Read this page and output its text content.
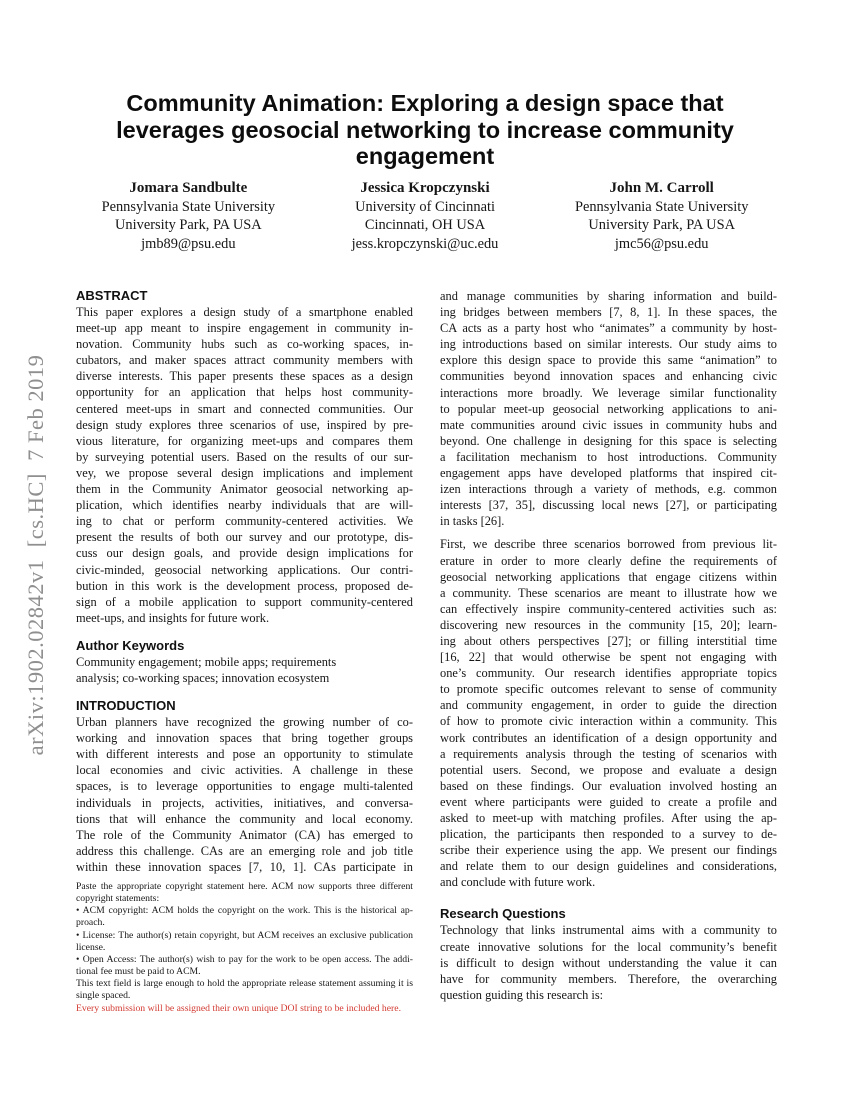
arXiv:1902.02842v1  [cs.HC]  7 Feb 2019
Community Animation: Exploring a design space that
leverages geosocial networking to increase community
engagement
Jomara Sandbulte
Pennsylvania State University
University Park, PA USA
jmb89@psu.edu
Jessica Kropczynski
University of Cincinnati
Cincinnati, OH USA
jess.kropczynski@uc.edu
John M. Carroll
Pennsylvania State University
University Park, PA USA
jmc56@psu.edu
ABSTRACT
This paper explores a design study of a smartphone enabled
meet-up app meant to inspire engagement in community in-
novation. Community hubs such as co-working spaces, in-
cubators, and maker spaces attract community members with
diverse interests. This paper presents these spaces as a design
opportunity for an application that helps host community-
centered meet-ups in smart and connected communities. Our
design study explores three scenarios of use, inspired by pre-
vious literature, for organizing meet-ups and compares them
by surveying potential users. Based on the results of our sur-
vey, we propose several design implications and implement
them in the Community Animator geosocial networking ap-
plication, which identifies nearby individuals that are will-
ing to chat or perform community-centered activities. We
present the results of both our survey and our prototype, dis-
cuss our design goals, and provide design implications for
civic-minded, geosocial networking applications. Our contri-
bution in this work is the development process, proposed de-
sign of a mobile application to support community-centered
meet-ups, and insights for future work.
Author Keywords
Community engagement; mobile apps; requirements
analysis; co-working spaces; innovation ecosystem
INTRODUCTION
Urban planners have recognized the growing number of co-
working and innovation spaces that bring together groups
with different interests and pose an opportunity to stimulate
local economies and civic activities. A challenge in these
spaces, is to leverage opportunities to engage multi-talented
individuals in projects, activities, initiatives, and conversa-
tions that will enhance the community and local economy.
The role of the Community Animator (CA) has emerged to
address this challenge. CAs are an emerging role and job title
within these innovation spaces [7, 10, 1]. CAs participate in
and manage communities by sharing information and build-
ing bridges between members [7, 8, 1]. In these spaces, the
CA acts as a party host who “animates” a community by host-
ing introductions based on similar interests. Our study aims to
explore this design space to provide this same “animation” to
communities beyond innovation spaces and enhancing civic
interactions more broadly. We leverage similar functionality
to popular meet-up geosocial networking applications to ani-
mate communities around civic issues in community hubs and
beyond. One challenge in designing for this space is selecting
a facilitation mechanism to host introductions. Community
engagement apps have developed platforms that inspired cit-
izen interactions through a variety of methods, e.g. common
interests [37, 35], discussing local news [27], or participating
in tasks [26].
First, we describe three scenarios borrowed from previous lit-
erature in order to more clearly define the requirements of
geosocial networking applications that engage citizens within
a community. These scenarios are meant to illustrate how we
can effectively inspire community-centered activities such as:
discovering new resources in the community [15, 20]; learn-
ing about others perspectives [27]; or filling interstitial time
[16, 22] that would otherwise be spent not engaging with
one’s community. Our research identifies appropriate topics
to promote specific outcomes relevant to sense of community
and community engagement, in order to guide the direction
of how to promote civic interaction within a community. This
work contributes an identification of a design opportunity and
a requirements analysis through the testing of scenarios with
potential users. Second, we propose and evaluate a design
based on these findings. Our evaluation involved hosting an
event where participants were guided to create a profile and
asked to meet-up with matching profiles. After using the ap-
plication, the participants then responded to a survey to de-
scribe their experience using the app. We present our findings
and relate them to our design guidelines and considerations,
and conclude with future work.
Research Questions
Technology that links instrumental aims with a community to
create innovative solutions for the local community’s benefit
is difficult to design without understanding the value it can
have for community members. Therefore, the overarching
question guiding this research is:
Paste the appropriate copyright statement here. ACM now supports three different
copyright statements:
• ACM copyright: ACM holds the copyright on the work. This is the historical ap-
proach.
• License: The author(s) retain copyright, but ACM receives an exclusive publication
license.
• Open Access: The author(s) wish to pay for the work to be open access. The addi-
tional fee must be paid to ACM.
This text field is large enough to hold the appropriate release statement assuming it is
single spaced.
Every submission will be assigned their own unique DOI string to be included here.
